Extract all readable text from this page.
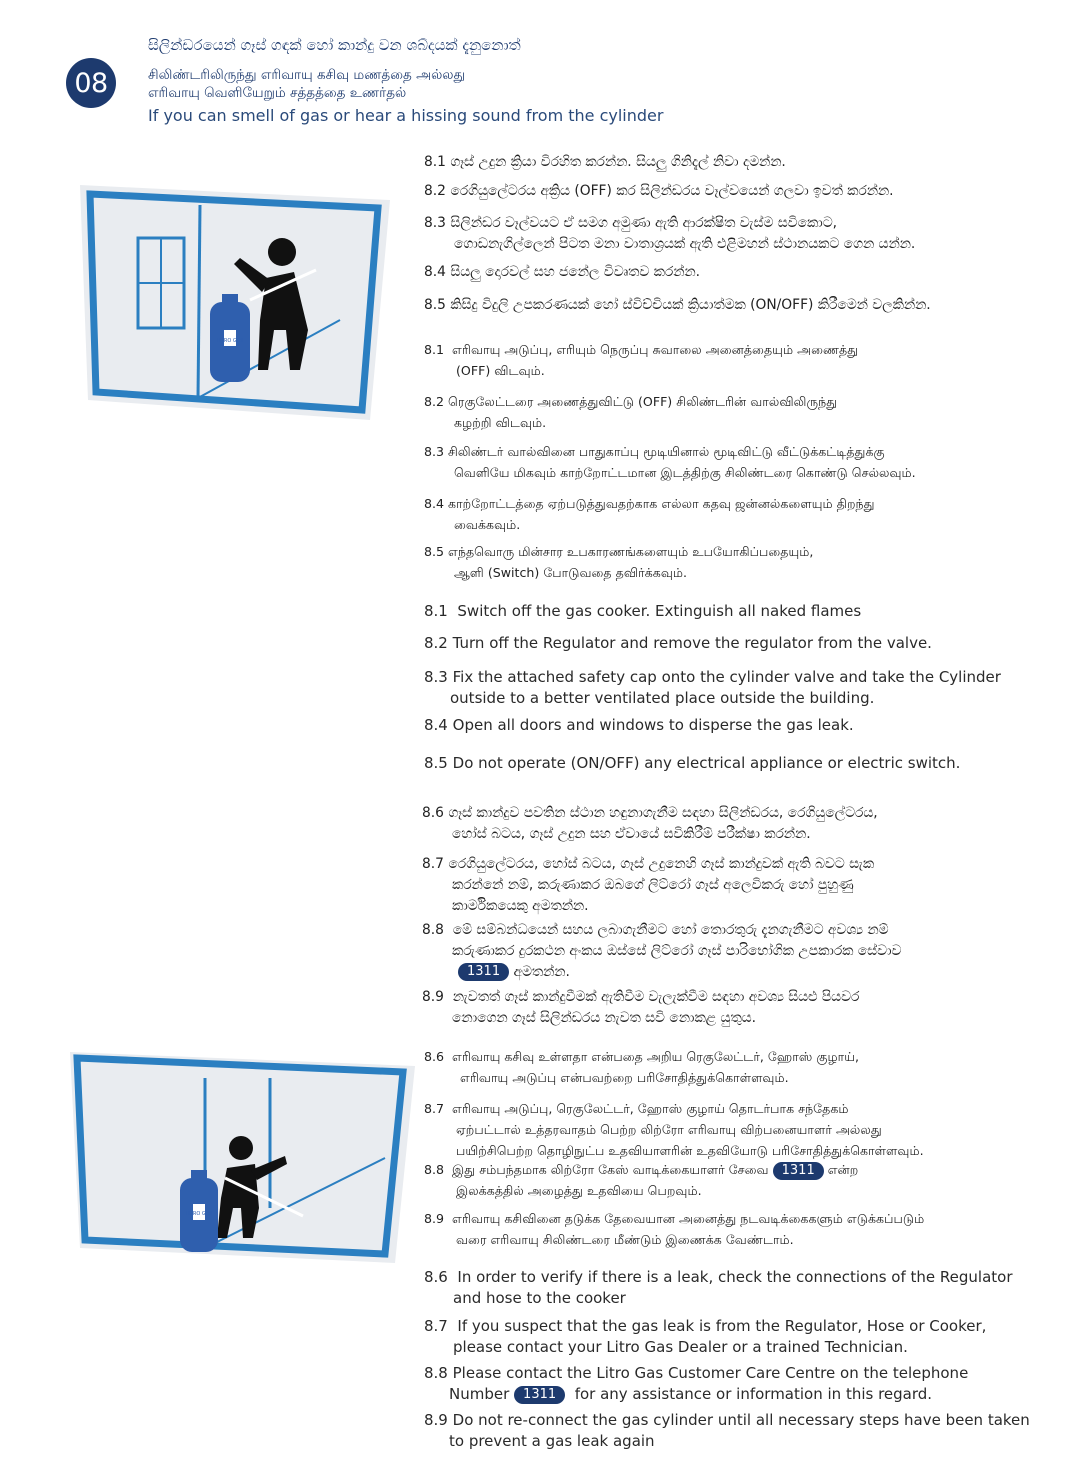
08
සිලින්ඩරයෙන් ගෑස් ගඳක් හෝ කාන්දු වන ශබ්දයක් දැනුනොත්
சிலிண்டரிலிருந்து எரிவாயு கசிவு மணத்தை அல்லது
எரிவாயு வெளியேறும் சத்தத்தை உணர்தல்
If you can smell of gas or hear a hissing sound from the cylinder
LITRO GAS
LITRO GAS
8.1 ගෑස් උදුන ක්‍රියා විරහිත කරන්න. සියලු ගිනිදැල් නිවා දමන්න.
8.2 රෙගියුලේටරය අක්‍රිය (OFF) කර සිලින්ඩරය වෑල්වයෙන් ගලවා ඉවත් කරන්න.
8.3 සිලින්ඩර වෑල්වයට ඒ සමග අමුණා ඇති ආරක්ෂිත වැස්ම සවිකොට,
ගොඩනැගිල්ලෙන් පිටත මනා වාතාශ්‍රයක් ඇති එළිමහන් ස්ථානයකට ගෙන යන්න.
8.4 සියලු දොරවල් සහ ජනේල විවෘතව කරන්න.
8.5 කිසිදු විදුලි උපකරණයක් හෝ ස්විච්චියක් ක්‍රියාත්මක (ON/OFF) කිරීමෙන් වලකින්න.
8.1 எரிவாயு அடுப்பு, எரியும் நெருப்பு சுவாலை அனைத்தையும் அணைத்து
(OFF) விடவும்.
8.2 ரெகுலேட்டரை அணைத்துவிட்டு (OFF) சிலிண்டரின் வால்விலிருந்து
கழற்றி விடவும்.
8.3 சிலிண்டர் வால்வினை பாதுகாப்பு மூடியினால் மூடிவிட்டு வீட்டுக்கட்டித்துக்கு
வெளியே மிகவும் காற்றோட்டமான இடத்திற்கு சிலிண்டரை கொண்டு செல்லவும்.
8.4 காற்றோட்டத்தை ஏற்படுத்துவதற்காக எல்லா கதவு ஜன்னல்களையும் திறந்து
வைக்கவும்.
8.5 எந்தவொரு மின்சார உபகாரணங்களையும் உபயோகிப்பதையும்,
ஆளி (Switch) போடுவதை தவிர்க்கவும்.
8.1 Switch off the gas cooker. Extinguish all naked flames
8.2 Turn off the Regulator and remove the regulator from the valve.
8.3 Fix the attached safety cap onto the cylinder valve and take the Cylinder
outside to a better ventilated place outside the building.
8.4 Open all doors and windows to disperse the gas leak.
8.5 Do not operate (ON/OFF) any electrical appliance or electric switch.
8.6 ගෑස් කාන්දුව පවතින ස්ථාන හඳුනාගැනීම සඳහා සිලින්ඩරය, රෙගියුලේටරය,
හෝස් බටය, ගෑස් උදුන සහ ඒවායේ සවිකිරීම් පරීක්ෂා කරන්න.
8.7 රෙගියුලේටරය, හෝස් බටය, ගෑස් උදුනෙහි ගෑස් කාන්දුවක් ඇති බවට සැක
කරන්නේ නම්, කරුණාකර ඔබගේ ලිට්රෝ ගෑස් අලෙවිකරු හෝ පුහුණු
කාර්මිකයෙකු අමතන්න.
8.8 මේ සම්බන්ධයෙන් සහය ලබාගැනීමට හෝ තොරතුරු දැනගැනීමට අවශ්‍ය නම්
කරුණාකර දුරකථන අංකය ඔස්සේ ලිට්රෝ ගෑස් පාරිභෝගික උපකාරක සේවාව
1311 අමතන්න.
8.9 නැවතත් ගෑස් කාන්දුවීමක් ඇතිවීම වැලැක්වීම සඳහා අවශ්‍ය සියළු පියවර
නොගෙන ගෑස් සිලින්ඩරය නැවත සවි නොකළ යුතුය.
8.6 எரிவாயு கசிவு உள்ளதா என்பதை அறிய ரெகுலேட்டர், ஹோஸ் குழாய்,
எரிவாயு அடுப்பு என்பவற்றை பரிசோதித்துக்கொள்ளவும்.
8.7 எரிவாயு அடுப்பு, ரெகுலேட்டர், ஹோஸ் குழாய் தொடர்பாக சந்தேகம்
ஏற்பட்டால் உத்தரவாதம் பெற்ற லிற்ரோ எரிவாயு விற்பனையாளர் அல்லது
பயிற்சிபெற்ற தொழிநுட்ப உதவியாளரின் உதவியோடு பரிசோதித்துக்கொள்ளவும்.
8.8 இது சம்பந்தமாக லிற்ரோ கேஸ் வாடிக்கையாளர் சேவை 1311 என்ற
இலக்கத்தில் அழைத்து உதவியை பெறவும்.
8.9 எரிவாயு கசிவினை தடுக்க தேவையான அனைத்து நடவடிக்கைகளும் எடுக்கப்படும்
வரை எரிவாயு சிலிண்டரை மீண்டும் இணைக்க வேண்டாம்.
8.6 In order to verify if there is a leak, check the connections of the Regulator
and hose to the cooker
8.7 If you suspect that the gas leak is from the Regulator, Hose or Cooker,
please contact your Litro Gas Dealer or a trained Technician.
8.8 Please contact the Litro Gas Customer Care Centre on the telephone
Number 1311 for any assistance or information in this regard.
8.9 Do not re-connect the gas cylinder until all necessary steps have been taken
to prevent a gas leak again
